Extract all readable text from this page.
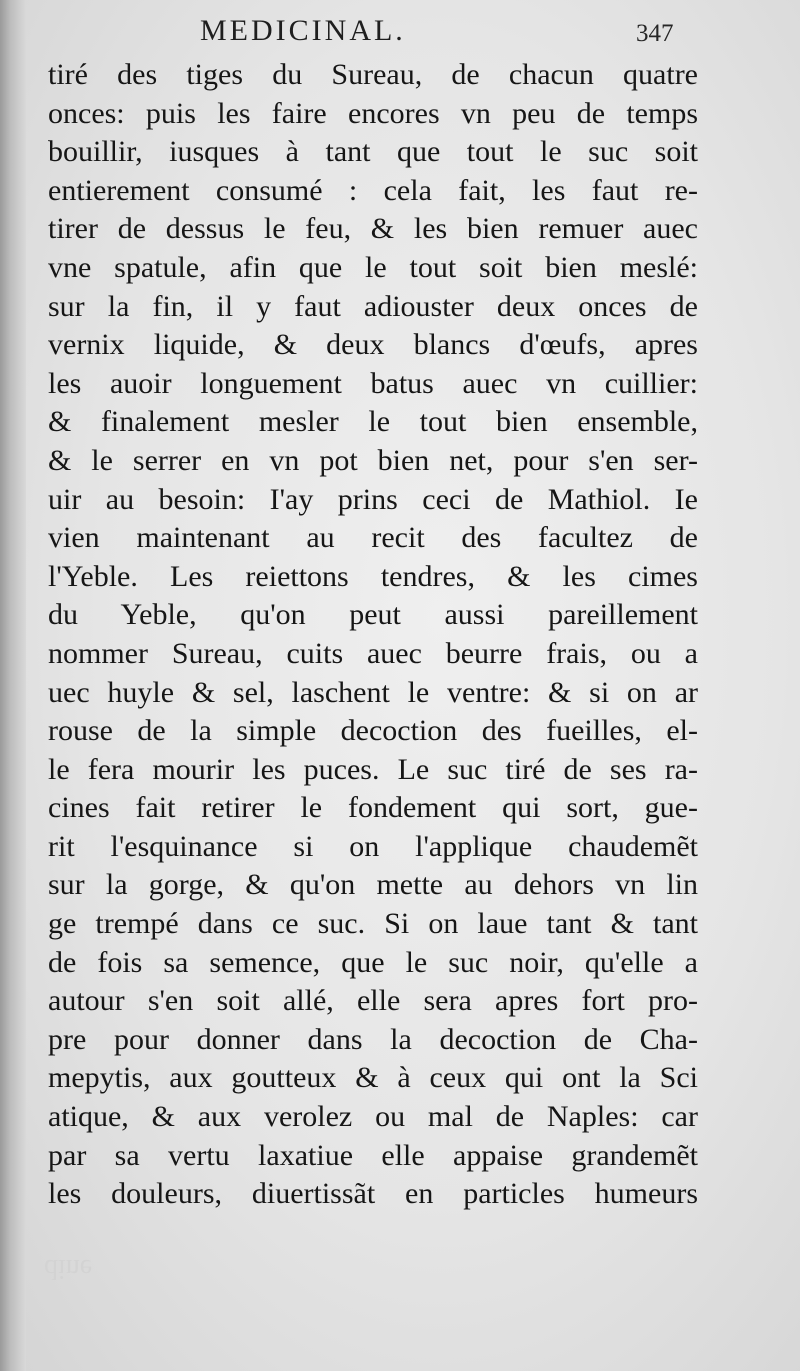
MEDICINAL.	347
tiré des tiges du Sureau, de chacun quatre
onces: puis les faire encores vn peu de temps
bouillir, iusques à tant que tout le suc soit
entierement consumé : cela fait, les faut re-
tirer de dessus le feu, & les bien remuer auec
vne spatule, afin que le tout soit bien meslé:
sur la fin, il y faut adiouster deux onces de
vernix liquide, & deux blancs d'œufs, apres
les auoir longuement batus auec vn cuillier:
& finalement mesler le tout bien ensemble,
& le serrer en vn pot bien net, pour s'en ser-
uir au besoin: I'ay prins ceci de Mathiol. Ie
vien maintenant au recit des facultez de
l'Yeble. Les reiettons tendres, & les cimes
du Yeble, qu'on peut aussi pareillement
nommer Sureau, cuits auec beurre frais, ou a
uec huyle & sel, laschent le ventre: & si on ar
rouse de la simple decoction des fueilles, el-
le fera mourir les puces. Le suc tiré de ses ra-
cines fait retirer le fondement qui sort, gue-
rit l'esquinance si on l'applique chaudemẽt
sur la gorge, & qu'on mette au dehors vn lin
ge trempé dans ce suc. Si on laue tant & tant
de fois sa semence, que le suc noir, qu'elle a
autour s'en soit allé, elle sera apres fort pro-
pre pour donner dans la decoction de Cha-
mepytis, aux goutteux & à ceux qui ont la Sci
atique, & aux verolez ou mal de Naples: car
par sa vertu laxatiue elle appaise grandemẽt
les douleurs, diuertissãt en particles humeurs
dine
